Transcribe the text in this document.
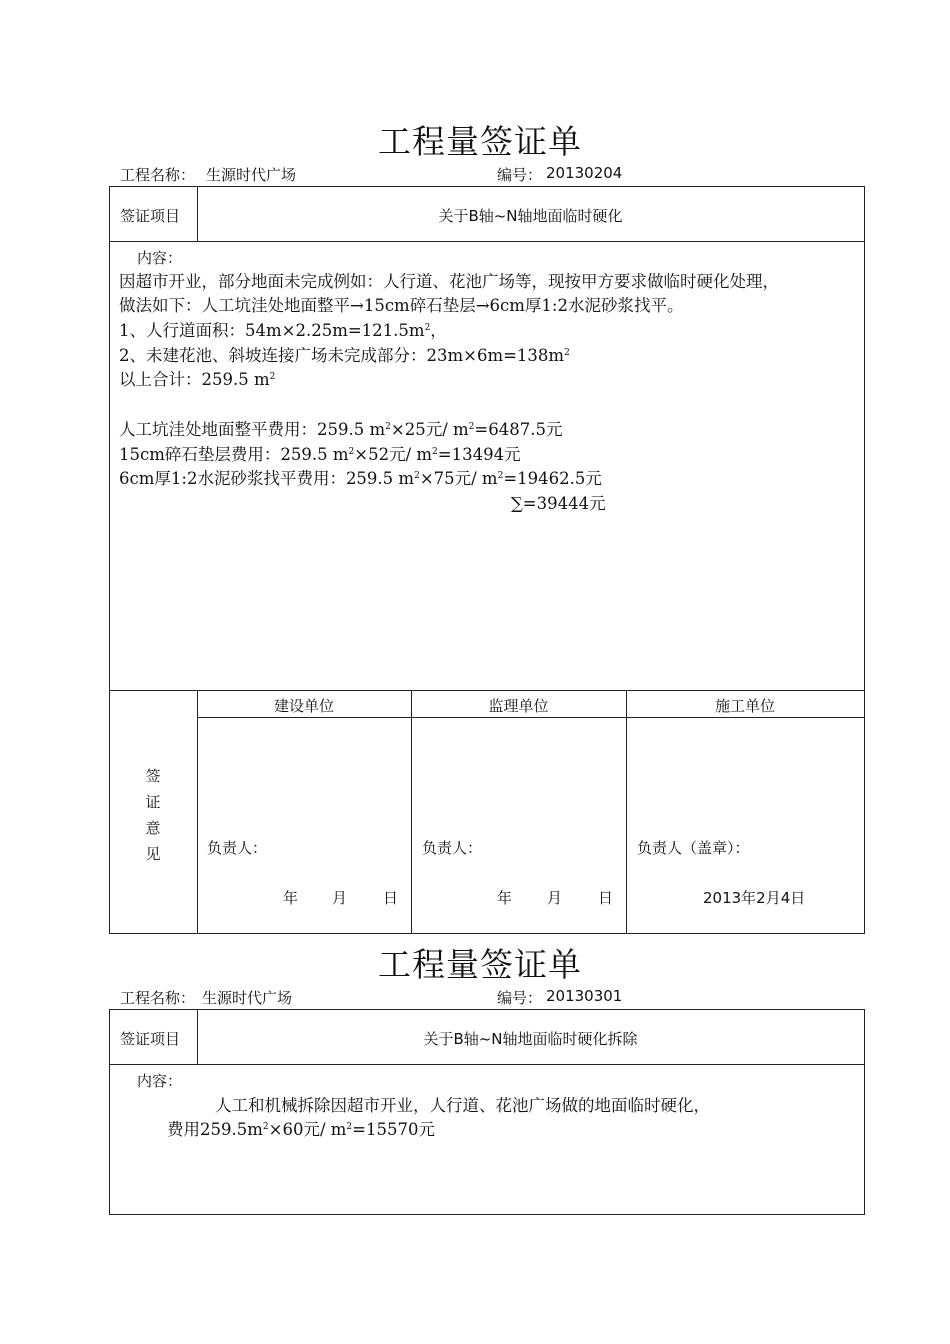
工程量签证单
工程名称： 生源时代广场	编号： 20130204
签证项目	关于B轴~N轴地面临时硬化
内容：
因超市开业，部分地面未完成例如：人行道、花池广场等，现按甲方要求做临时硬化处理，
做法如下：人工坑洼处地面整平→15cm碎石垫层→6cm厚1:2水泥砂浆找平。
1、人行道面积：$54m\times 2.25m=121.5m^2$，
2、未建花池、斜坡连接广场未完成部分：$23m\times 6m=138m^2$
以上合计：259.5 $m^2$
人工坑洼处地面整平费用：259.5 $m^2\times 25$元/ $m^2=6487.5$元
15cm碎石垫层费用：259.5 $m^2\times 52$元/ $m^2=13494$元
6cm厚1:2水泥砂浆找平费用：259.5 $m^2\times 75$元/ $m^2=19462.5$元
∑=39444元
签
证
意
见
建设单位	监理单位	施工单位
负责人：	负责人：	负责人（盖章）：
年 月 日	年 月 日	2013年2月4日
工程量签证单
工程名称： 生源时代广场	编号： 20130301
签证项目	关于B轴~N轴地面临时硬化拆除
内容：
人工和机械拆除因超市开业，人行道、花池广场做的地面临时硬化，
费用$259.5m^2\times 60$元/ $m^2=15570$元
